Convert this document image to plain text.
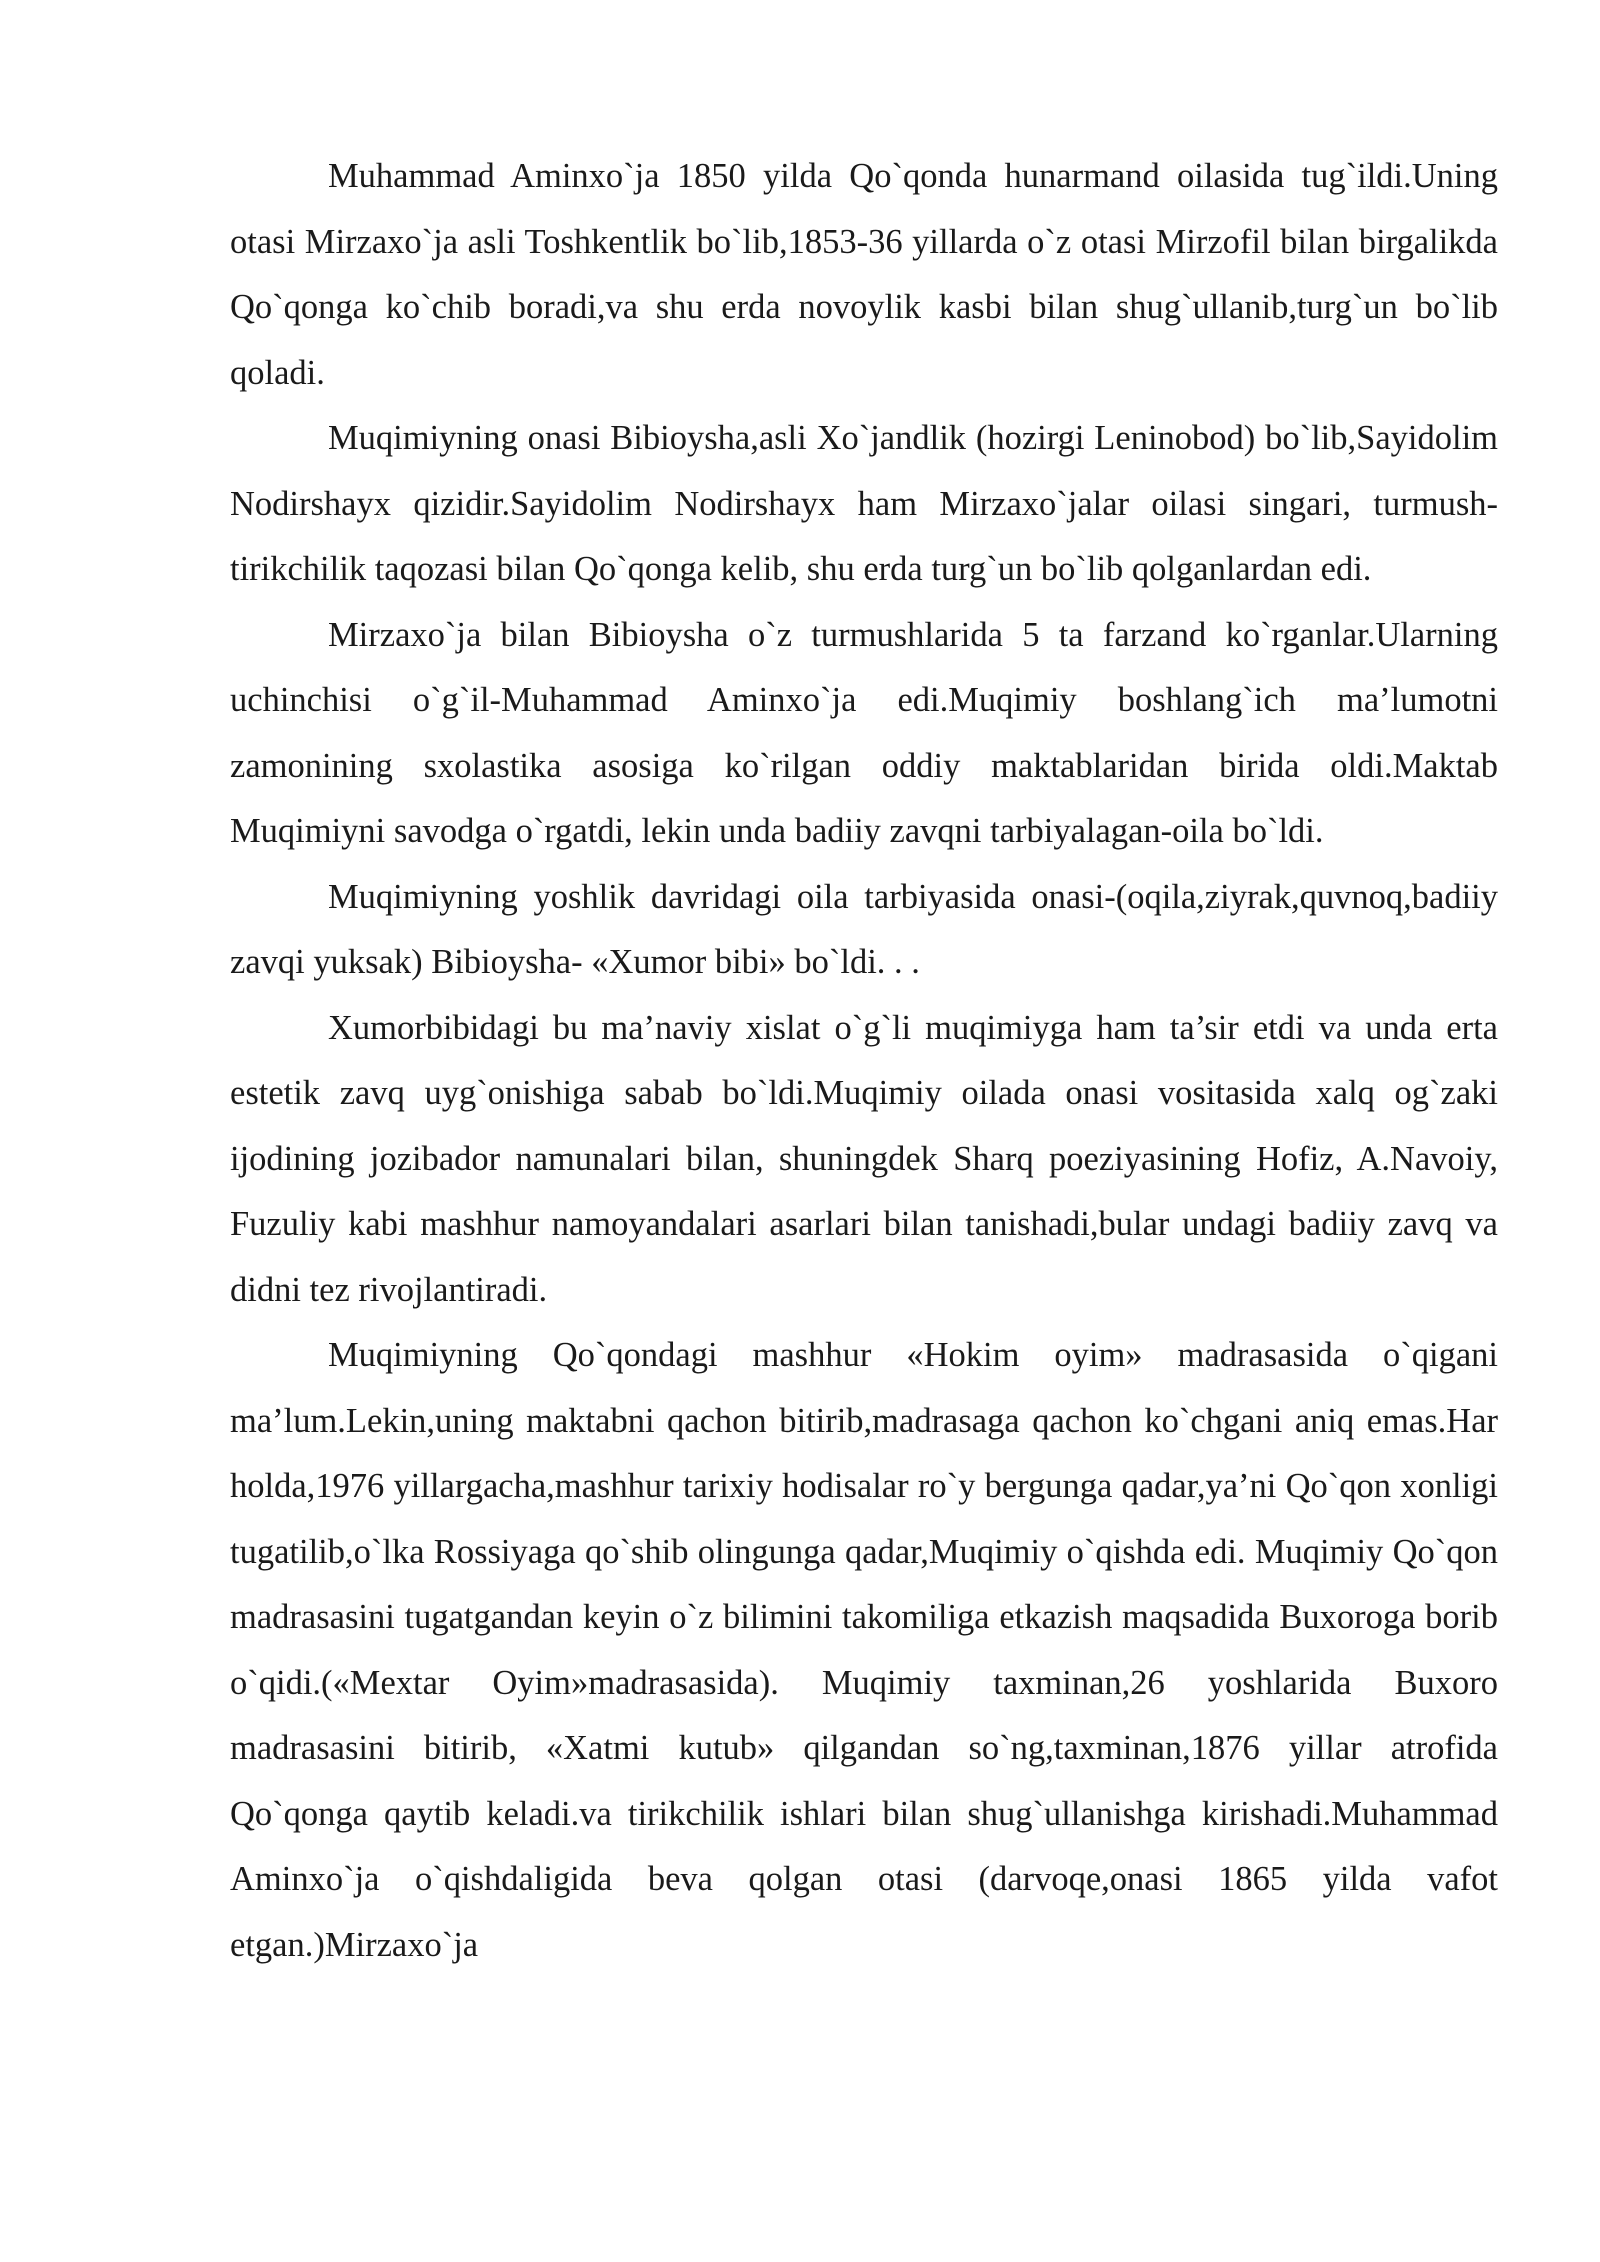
Muhammad Aminxo`ja 1850 yilda Qo`qonda hunarmand oilasida tug`ildi.Uning otasi Mirzaxo`ja asli Toshkentlik bo`lib,1853-36 yillarda o`z otasi Mirzofil bilan birgalikda Qo`qonga ko`chib boradi,va shu erda novoylik kasbi bilan shug`ullanib,turg`un bo`lib qoladi.

Muqimiyning onasi Bibioysha,asli Xo`jandlik (hozirgi Leninobod) bo`lib,Sayidolim Nodirshayx qizidir.Sayidolim Nodirshayx ham Mirzaxo`jalar oilasi singari, turmush-tirikchilik taqozasi bilan Qo`qonga kelib, shu erda turg`un bo`lib qolganlardan edi.

Mirzaxo`ja bilan Bibioysha o`z turmushlarida 5 ta farzand ko`rganlar.Ularning uchinchisi o`g`il-Muhammad Aminxo`ja edi.Muqimiy boshlang`ich ma’lumotni zamonining sxolastika asosiga ko`rilgan oddiy maktablaridan birida oldi.Maktab Muqimiyni savodga o`rgatdi, lekin unda badiiy zavqni tarbiyalagan-oila bo`ldi.

Muqimiyning yoshlik davridagi oila tarbiyasida onasi-(oqila,ziyrak,quvnoq,badiiy zavqi yuksak) Bibioysha- «Xumor bibi» bo`ldi. . .

Xumorbibidagi bu ma’naviy xislat o`g`li muqimiyga ham ta’sir etdi va unda erta estetik zavq uyg`onishiga sabab bo`ldi.Muqimiy oilada onasi vositasida xalq og`zaki ijodining jozibador namunalari bilan, shuningdek Sharq poeziyasining Hofiz, A.Navoiy, Fuzuliy kabi mashhur namoyandalari asarlari bilan tanishadi,bular undagi badiiy zavq va didni tez rivojlantiradi.

Muqimiyning Qo`qondagi mashhur «Hokim oyim» madrasasida o`qigani ma’lum.Lekin,uning maktabni qachon bitirib,madrasaga qachon ko`chgani aniq emas.Har holda,1976 yillargacha,mashhur tarixiy hodisalar ro`y bergunga qadar,ya’ni Qo`qon xonligi tugatilib,o`lka Rossiyaga qo`shib olingunga qadar,Muqimiy o`qishda edi. Muqimiy Qo`qon madrasasini tugatgandan keyin o`z bilimini takomiliga etkazish maqsadida Buxoroga borib o`qidi.(«Mextar Oyim»madrasasida). Muqimiy taxminan,26 yoshlarida Buxoro madrasasini bitirib, «Xatmi kutub» qilgandan so`ng,taxminan,1876 yillar atrofida Qo`qonga qaytib keladi.va tirikchilik ishlari bilan shug`ullanishga kirishadi.Muhammad Aminxo`ja o`qishdaligida beva qolgan otasi (darvoqe,onasi 1865 yilda vafot etgan.)Mirzaxo`ja
